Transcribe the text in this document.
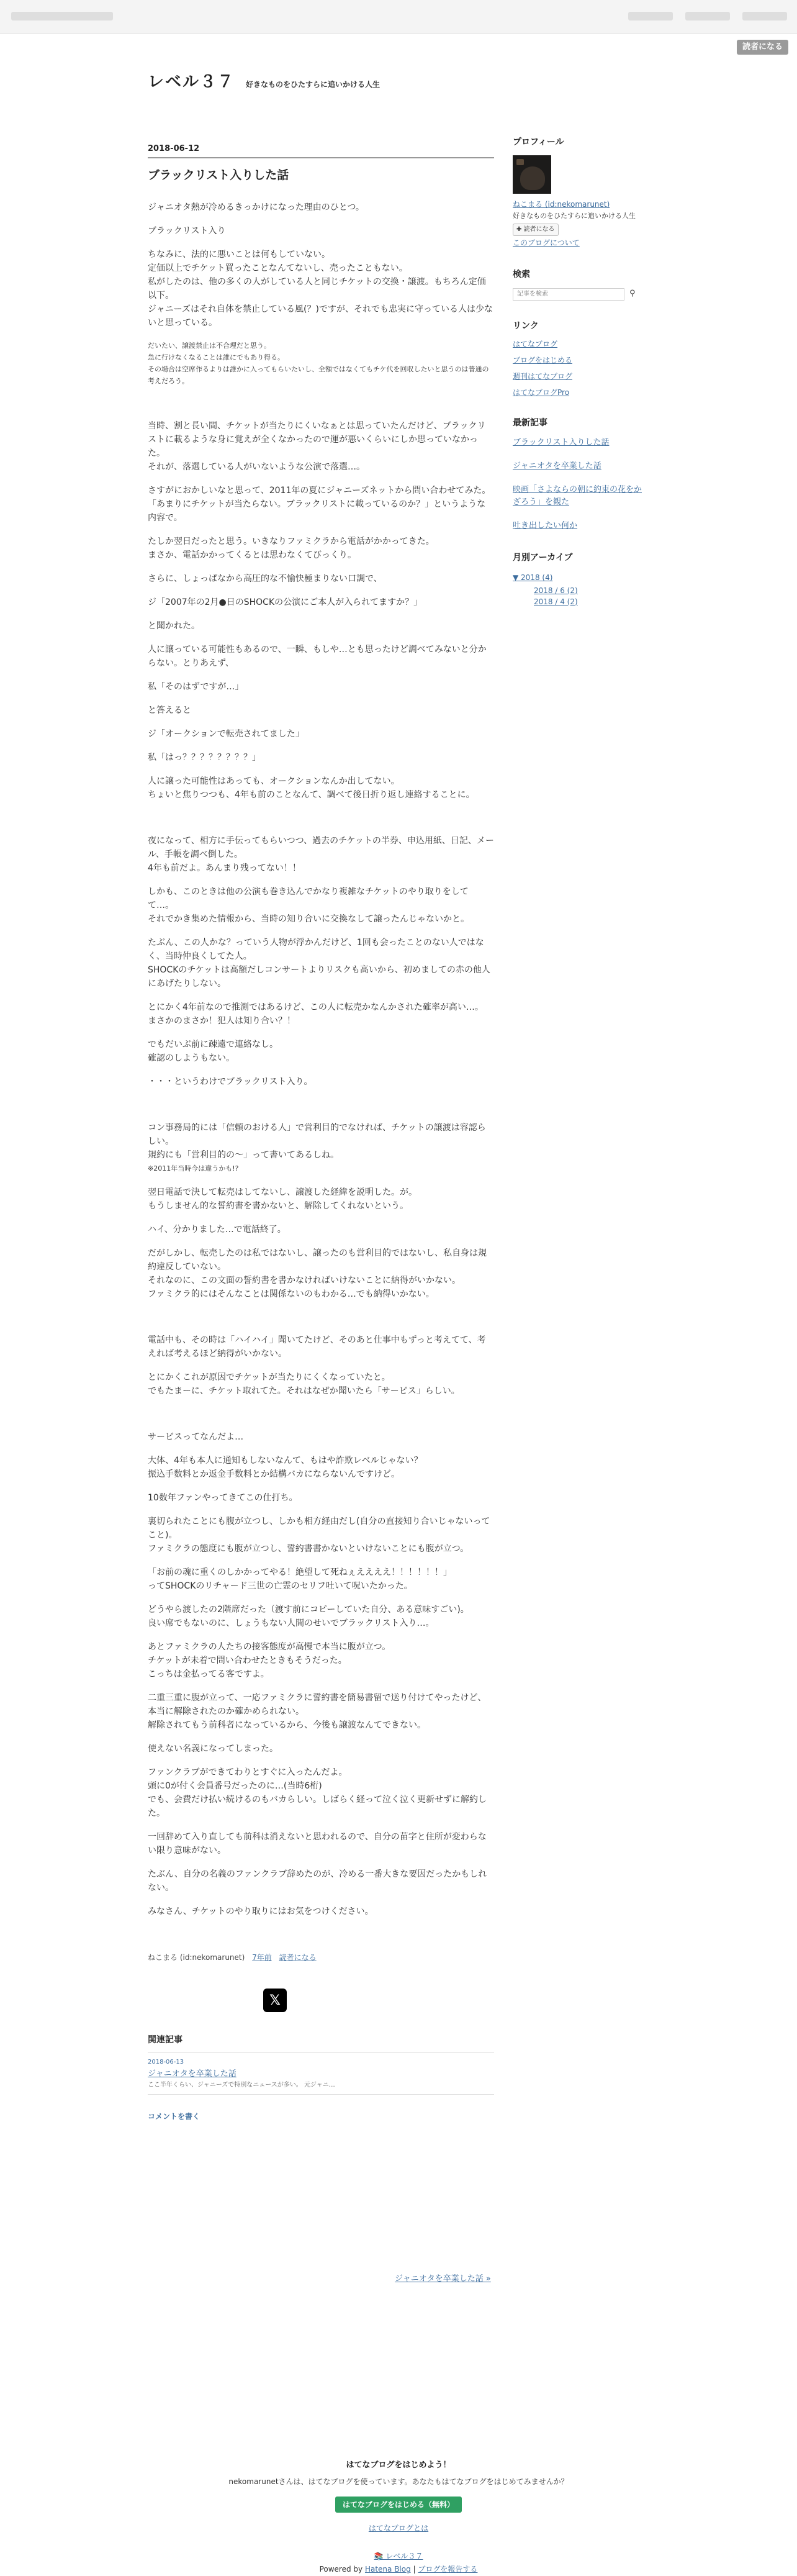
読者になる
レベル３７ 好きなものをひたすらに追いかける人生
2018-06-12
ブラックリスト入りした話
ジャニオタ熱が冷めるきっかけになった理由のひとつ。
ブラックリスト入り
ちなみに、法的に悪いことは何もしていない。
定価以上でチケット買ったことなんてないし、売ったこともない。
私がしたのは、他の多くの人がしている人と同じチケットの交換・譲渡。もちろん定価以下。
ジャニーズはそれ自体を禁止している風(？)ですが、それでも忠実に守っている人は少ないと思っている。
だいたい、譲渡禁止は不合理だと思う。
急に行けなくなることは誰にでもあり得る。
その場合は空席作るよりは誰かに入ってもらいたいし、全額ではなくてもチケ代を回収したいと思うのは普通の考えだろう。
当時、割と長い間、チケットが当たりにくいなぁとは思っていたんだけど、ブラックリストに載るような身に覚えが全くなかったので運が悪いくらいにしか思っていなかった。
それが、落選している人がいないような公演で落選…。
さすがにおかしいなと思って、2011年の夏にジャニーズネットから問い合わせてみた。
「あまりにチケットが当たらない。ブラックリストに載っているのか？」というような内容で。
たしか翌日だったと思う。いきなりファミクラから電話がかかってきた。
まさか、電話かかってくるとは思わなくてびっくり。
さらに、しょっぱなから高圧的な不愉快極まりない口調で、
ジ「2007年の2月●日のSHOCKの公演にご本人が入られてますか？」
と聞かれた。
人に譲っている可能性もあるので、一瞬、もしや…とも思ったけど調べてみないと分からない。とりあえず、
私「そのはずですが…」
と答えると
ジ「オークションで転売されてました」
私「はっ？？？？？？？？」
人に譲った可能性はあっても、オークションなんか出してない。
ちょいと焦りつつも、4年も前のことなんて、調べて後日折り返し連絡することに。
夜になって、相方に手伝ってもらいつつ、過去のチケットの半券、申込用紙、日記、メール、手帳を調べ倒した。
4年も前だよ。あんまり残ってない！！
しかも、このときは他の公演も巻き込んでかなり複雑なチケットのやり取りをしてて…。
それでかき集めた情報から、当時の知り合いに交換なして譲ったんじゃないかと。
たぶん、この人かな？っていう人物が浮かんだけど、1回も会ったことのない人ではなく、当時仲良くしてた人。
SHOCKのチケットは高額だしコンサートよりリスクも高いから、初めましての赤の他人にあげたりしない。
とにかく4年前なので推測ではあるけど、この人に転売かなんかされた確率が高い…。
まさかのまさか！犯人は知り合い？！
でもだいぶ前に疎遠で連絡なし。
確認のしようもない。
・・・というわけでブラックリスト入り。
コン事務局的には「信頼のおける人」で営利目的でなければ、チケットの譲渡は容認らしい。
規約にも「営利目的の〜」って書いてあるしね。
※2011年当時今は違うかも!?
翌日電話で決して転売はしてないし、譲渡した経緯を説明した。が。
もうしません的な誓約書を書かないと、解除してくれないという。
ハイ、分かりました…で電話終了。
だがしかし、転売したのは私ではないし、譲ったのも営利目的ではないし、私自身は規約違反していない。
それなのに、この文面の誓約書を書かなければいけないことに納得がいかない。
ファミクラ的にはそんなことは関係ないのもわかる…でも納得いかない。
電話中も、その時は「ハイハイ」聞いてたけど、そのあと仕事中もずっと考えてて、考えれば考えるほど納得がいかない。
とにかくこれが原因でチケットが当たりにくくなっていたと。
でもたまーに、チケット取れてた。それはなぜか聞いたら「サービス」らしい。
サービスってなんだよ…
大体、4年も本人に通知もしないなんて、もはや詐欺レベルじゃない？
振込手数料とか返金手数料とか結構バカにならないんですけど。
10数年ファンやってきてこの仕打ち。
裏切られたことにも腹が立つし、しかも相方経由だし(自分の直接知り合いじゃないってこと)。
ファミクラの態度にも腹が立つし、誓約書書かないといけないことにも腹が立つ。
「お前の魂に重くのしかかってやる！絶望して死ねぇええええ！！！！！！」
ってSHOCKのリチャード三世の亡霊のセリフ吐いて呪いたかった。
どうやら渡したの2階席だった（渡す前にコピーしていた自分、ある意味すごい)。
良い席でもないのに、しょうもない人間のせいでブラックリスト入り…。
あとファミクラの人たちの接客態度が高慢で本当に腹が立つ。
チケットが未着で問い合わせたときもそうだった。
こっちは金払ってる客ですよ。
二重三重に腹が立って、一応ファミクラに誓約書を簡易書留で送り付けてやったけど、本当に解除されたのか確かめられない。
解除されてもう前科者になっているから、今後も譲渡なんてできない。
使えない名義になってしまった。
ファンクラブができてわりとすぐに入ったんだよ。
頭に0が付く会員番号だったのに…(当時6桁)
でも、会費だけ払い続けるのもバカらしい。しばらく経って泣く泣く更新せずに解約した。
一回辞めて入り直しても前科は消えないと思われるので、自分の苗字と住所が変わらない限り意味がない。
たぶん、自分の名義のファンクラブ辞めたのが、冷める一番大きな要因だったかもしれない。
みなさん、チケットのやり取りにはお気をつけください。
ねこまる (id:nekomarunet) 7年前 読者になる
𝕏
関連記事
2018-06-13
ジャニオタを卒業した話
ここ半年くらい、ジャニーズで特別なニュースが多い。 元ジャニ…
コメントを書く
ジャニオタを卒業した話 »
プロフィール
ねこまる (id:nekomarunet)
好きなものをひたすらに追いかける人生
✚ 読者になる
このブログについて
検索
記事を検索
⚲
リンク
はてなブログ
ブログをはじめる
週刊はてなブログ
はてなブログPro
最新記事
ブラックリスト入りした話
ジャニオタを卒業した話
映画「さよならの朝に約束の花をかざろう」を観た
吐き出したい何か
月別アーカイブ
▼ 2018 (4)
2018 / 6 (2)
2018 / 4 (2)
はてなブログをはじめよう！
nekomarunetさんは、はてなブログを使っています。あなたもはてなブログをはじめてみませんか？
はてなブログをはじめる（無料）
はてなブログとは
📚 レベル３７
Powered by Hatena Blog | ブログを報告する
